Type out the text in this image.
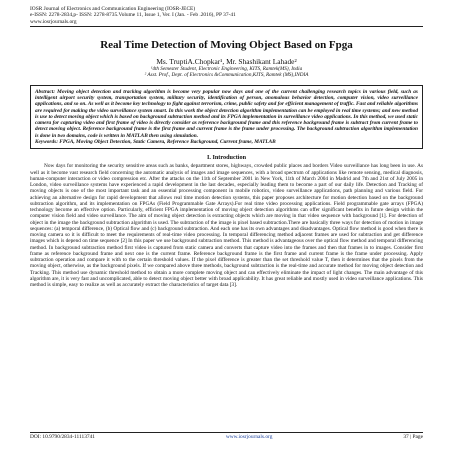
IOSR Journal of Electronics and Communication Engineering (IOSR-JECE)
e-ISSN: 2278-2834,p- ISSN: 2278-8735.Volume 11, Issue 1, Ver. I (Jan. - Feb .2016), PP 37-41
www.iosrjournals.org
Real Time Detection of Moving Object Based on Fpga
Ms. TruptiA.Chopkar¹, Mr. Shashikant Lahade²
¹4th Semester Student, Electronic Engineering, KITS, Ramtek(MS), India
² Asst. Prof., Dept. of Electronics &Communication,KITS, Ramtek (MS),INDIA
Abstract: Moving object detection and tracking algorithm is become very popular now days and one of the current challenging research topics in various field, such as intelligent airport security system, transportation system, military security, identification of person, anomalous behavior detection, computer vision, video surveillance applications, and so on. As well as it become key technology to fight against terrorism, crime, public safety and for efficient management of traffic. Fast and reliable algorithms are required for making the video surveillance system smart. In this work the object detection algorithm implementation can be employed in real time systems; and new method is use to detect moving object which is based on background subtraction method and its FPGA implementation in surveillance video applications. In this method, we used static camera for capturing video and first frame of video is directly consider as reference background frame and this reference background frame is subtract from current frame to detect moving object. Reference background frame is the first frame and current frame is the frame under processing. The background subtraction algorithm implementation is done in two domains, code is written in MATLAB then using simulation.
Keywords: FPGA, Moving Object Detection, Static Camera, Reference Background, Current frame, MATLAB
I. Introduction
Now days for monitoring the security sensitive areas such as banks, department stores, highways, crowded public places and borders Video surveillance has long been in use. As well as it become vast research field concerning the automatic analysis of images and image sequences, with a broad spectrum of applications like remote sensing, medical diagnosis, human-computer interaction or video compression etc. After the attacks on the 11th of September 2001 in New York, 11th of March 2004 in Madrid and 7th and 21st of July 2005 in London, video surveillance systems have experienced a rapid development in the last decades, especially leading them to become a part of our daily life. Detection and Tracking of moving objects is one of the most important task and an essential processing component in mobile robotics, video surveillance applications, path planning and various field. For achieving an alternative design for rapid development that allows real time motion detection systems, this paper proposes architecture for motion detection based on the background subtraction algorithm, and its implementation on FPGAs (Field Programmable Gate Arrays).For real time video processing applications. Field programmable gate arrays (FPGA) technology become an effective option. Particularly, efficient FPGA implementation of moving object detection algorithms can offer significant benefits in future design within the computer vision field and video surveillance. The aim of moving object detection is extracting objects which are moving in that video sequence with background [1]. For detection of object in the image the background subtraction algorithm is used. The subtraction of the image is pixel based subtraction.There are basically three ways for detection of motion in image sequences: (a) temporal difference, (b) Optical flow and (c) background subtraction. And each one has its own advantages and disadvantages. Optical flow method is good when there is moving camera so it is difficult to meet the requirements of real-time video processing. In temporal differencing method adjacent frames are used for subtraction and get difference images which is depend on time sequence [2] In this paper we use background subtraction method. This method is advantageous over the optical flow method and temporal differencing method. In background subtraction method first video is captured from static camera and converts that capture video into the frames and then that frames in to images. Consider first frame as reference background frame and next one is the current frame. Reference background frame is the first frame and current frame is the frame under processing. Apply subtraction operation and compare it with to the certain threshold values. If the pixel difference is greater than the set threshold value T, then it determines that the pixels from the moving object, otherwise, as the background pixels. If we compared above three methods, background subtraction is the real-time and accurate method for moving object detection and Tracking. This method use dynamic threshold method to obtain a more complete moving object and can effectively eliminate the impact of light changes. The main advantage of this algorithm are, it is very fast and uncomplicated, able to detect moving object better with broad applicability. It has great reliable and mostly used in video surveillance applications. This method is simple, easy to realize as well as accurately extract the characteristics of target data [3].
DOI: 10.9790/2834-11113741	www.iosrjournals.org	37 | Page
